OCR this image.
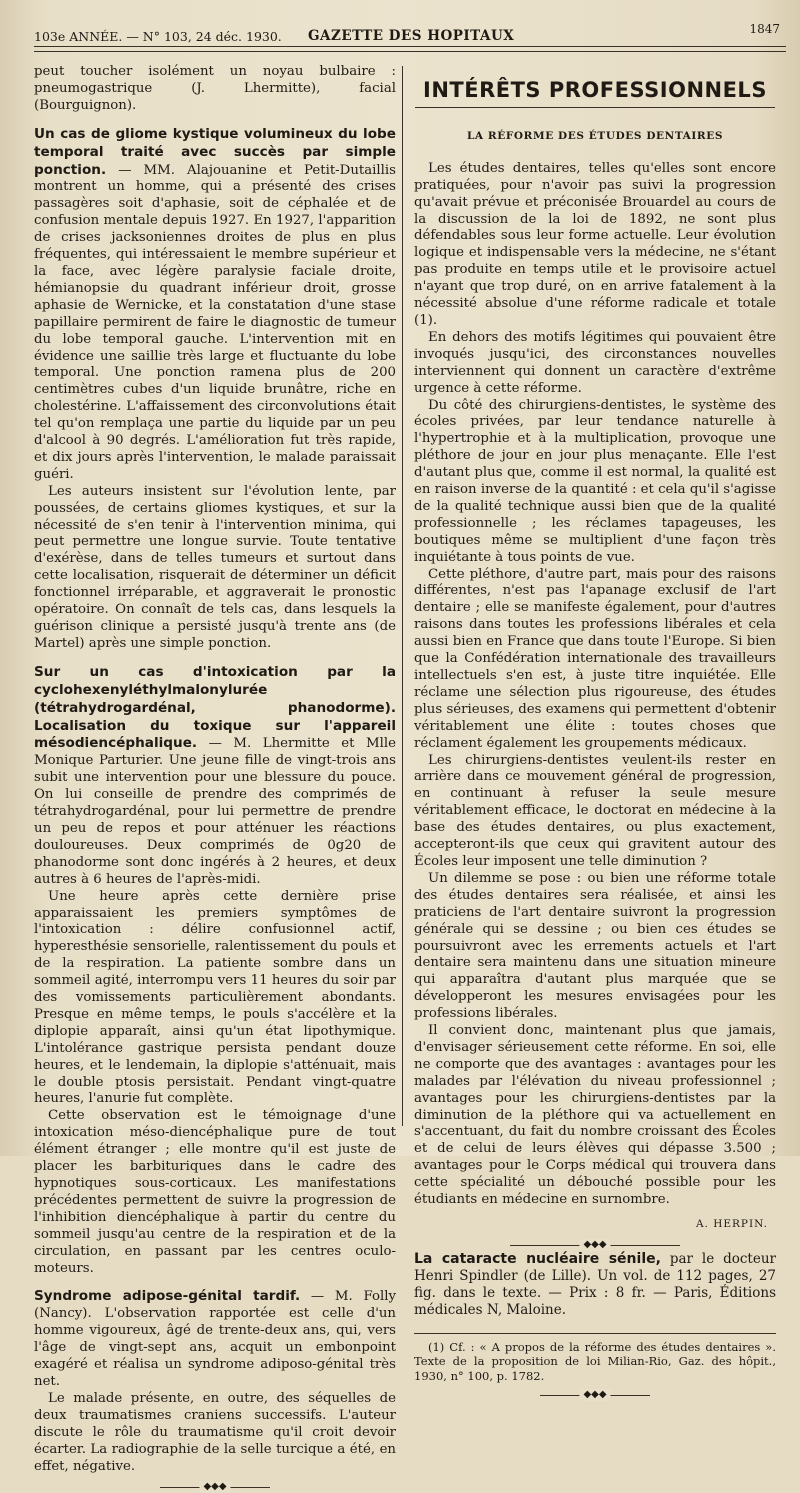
103e ANNÉE. — N° 103, 24 déc. 1930. GAZETTE DES HOPITAUX	1847

peut toucher isolément un noyau bulbaire : pneumogastrique (J. Lhermitte), facial (Bourguignon).

Un cas de gliome kystique volumineux du lobe temporal traité avec succès par simple ponction. — MM. Alajouanine et Petit-Dutaillis montrent un homme, qui a présenté des crises passagères soit d'aphasie, soit de céphalée et de confusion mentale depuis 1927. En 1927, l'apparition de crises jacksoniennes droites de plus en plus fréquentes, qui intéressaient le membre supérieur et la face, avec légère paralysie faciale droite, hémianopsie du quadrant inférieur droit, grosse aphasie de Wernicke, et la constatation d'une stase papillaire permirent de faire le diagnostic de tumeur du lobe temporal gauche. L'intervention mit en évidence une saillie très large et fluctuante du lobe temporal. Une ponction ramena plus de 200 centimètres cubes d'un liquide brunâtre, riche en cholestérine. L'affaissement des circonvolutions était tel qu'on remplaça une partie du liquide par un peu d'alcool à 90 degrés. L'amélioration fut très rapide, et dix jours après l'intervention, le malade paraissait guéri.

Les auteurs insistent sur l'évolution lente, par poussées, de certains gliomes kystiques, et sur la nécessité de s'en tenir à l'intervention minima, qui peut permettre une longue survie. Toute tentative d'exérèse, dans de telles tumeurs et surtout dans cette localisation, risquerait de déterminer un déficit fonctionnel irréparable, et aggraverait le pronostic opératoire. On connaît de tels cas, dans lesquels la guérison clinique a persisté jusqu'à trente ans (de Martel) après une simple ponction.

Sur un cas d'intoxication par la cyclohexenyléthylmalonylurée (tétrahydrogardénal, phanodorme). Localisation du toxique sur l'appareil mésodiencéphalique. — M. Lhermitte et Mlle Monique Parturier. Une jeune fille de vingt-trois ans subit une intervention pour une blessure du pouce. On lui conseille de prendre des comprimés de tétrahydrogardénal, pour lui permettre de prendre un peu de repos et pour atténuer les réactions douloureuses. Deux comprimés de 0g20 de phanodorme sont donc ingérés à 2 heures, et deux autres à 6 heures de l'après-midi.

Une heure après cette dernière prise apparaissaient les premiers symptômes de l'intoxication : délire confusionnel actif, hyperesthésie sensorielle, ralentissement du pouls et de la respiration. La patiente sombre dans un sommeil agité, interrompu vers 11 heures du soir par des vomissements particulièrement abondants. Presque en même temps, le pouls s'accélère et la diplopie apparaît, ainsi qu'un état lipothymique. L'intolérance gastrique persista pendant douze heures, et le lendemain, la diplopie s'atténuait, mais le double ptosis persistait. Pendant vingt-quatre heures, l'anurie fut complète.

Cette observation est le témoignage d'une intoxication méso-diencéphalique pure de tout élément étranger ; elle montre qu'il est juste de placer les barbituriques dans le cadre des hypnotiques sous-corticaux. Les manifestations précédentes permettent de suivre la progression de l'inhibition diencéphalique à partir du centre du sommeil jusqu'au centre de la respiration et de la circulation, en passant par les centres oculo-moteurs.

Syndrome adipose-génital tardif. — M. Folly (Nancy). L'observation rapportée est celle d'un homme vigoureux, âgé de trente-deux ans, qui, vers l'âge de vingt-sept ans, acquit un embonpoint exagéré et réalisa un syndrome adiposo-génital très net.

Le malade présente, en outre, des séquelles de deux traumatismes craniens successifs. L'auteur discute le rôle du traumatisme qu'il croit devoir écarter. La radiographie de la selle turcique a été, en effet, négative.

◆◆◆
INTÉRÊTS PROFESSIONNELS
LA RÉFORME DES ÉTUDES DENTAIRES

Les études dentaires, telles qu'elles sont encore pratiquées, pour n'avoir pas suivi la progression qu'avait prévue et préconisée Brouardel au cours de la discussion de la loi de 1892, ne sont plus défendables sous leur forme actuelle. Leur évolution logique et indispensable vers la médecine, ne s'étant pas produite en temps utile et le provisoire actuel n'ayant que trop duré, on en arrive fatalement à la nécessité absolue d'une réforme radicale et totale (1).

En dehors des motifs légitimes qui pouvaient être invoqués jusqu'ici, des circonstances nouvelles interviennent qui donnent un caractère d'extrême urgence à cette réforme.

Du côté des chirurgiens-dentistes, le système des écoles privées, par leur tendance naturelle à l'hypertrophie et à la multiplication, provoque une pléthore de jour en jour plus menaçante. Elle l'est d'autant plus que, comme il est normal, la qualité est en raison inverse de la quantité : et cela qu'il s'agisse de la qualité technique aussi bien que de la qualité professionnelle ; les réclames tapageuses, les boutiques même se multiplient d'une façon très inquiétante à tous points de vue.

Cette pléthore, d'autre part, mais pour des raisons différentes, n'est pas l'apanage exclusif de l'art dentaire ; elle se manifeste également, pour d'autres raisons dans toutes les professions libérales et cela aussi bien en France que dans toute l'Europe. Si bien que la Confédération internationale des travailleurs intellectuels s'en est, à juste titre inquiétée. Elle réclame une sélection plus rigoureuse, des études plus sérieuses, des examens qui permettent d'obtenir véritablement une élite : toutes choses que réclament également les groupements médicaux.

Les chirurgiens-dentistes veulent-ils rester en arrière dans ce mouvement général de progression, en continuant à refuser la seule mesure véritablement efficace, le doctorat en médecine à la base des études dentaires, ou plus exactement, accepteront-ils que ceux qui gravitent autour des Écoles leur imposent une telle diminution ?

Un dilemme se pose : ou bien une réforme totale des études dentaires sera réalisée, et ainsi les praticiens de l'art dentaire suivront la progression générale qui se dessine ; ou bien ces études se poursuivront avec les errements actuels et l'art dentaire sera maintenu dans une situation mineure qui apparaîtra d'autant plus marquée que se développeront les mesures envisagées pour les professions libérales.

Il convient donc, maintenant plus que jamais, d'envisager sérieusement cette réforme. En soi, elle ne comporte que des avantages : avantages pour les malades par l'élévation du niveau professionnel ; avantages pour les chirurgiens-dentistes par la diminution de la pléthore qui va actuellement en s'accentuant, du fait du nombre croissant des Écoles et de celui de leurs élèves qui dépasse 3.500 ; avantages pour le Corps médical qui trouvera dans cette spécialité un débouché possible pour les étudiants en médecine en surnombre.

A. HERPIN.
◆◆◆

La cataracte nucléaire sénile, par le docteur Henri Spindler (de Lille). Un vol. de 112 pages, 27 fig. dans le texte. — Prix : 8 fr. — Paris, Éditions médicales N, Maloine.

(1) Cf. : « A propos de la réforme des études dentaires ». Texte de la proposition de loi Milian-Rio, Gaz. des hôpit., 1930, n° 100, p. 1782.

◆◆◆
